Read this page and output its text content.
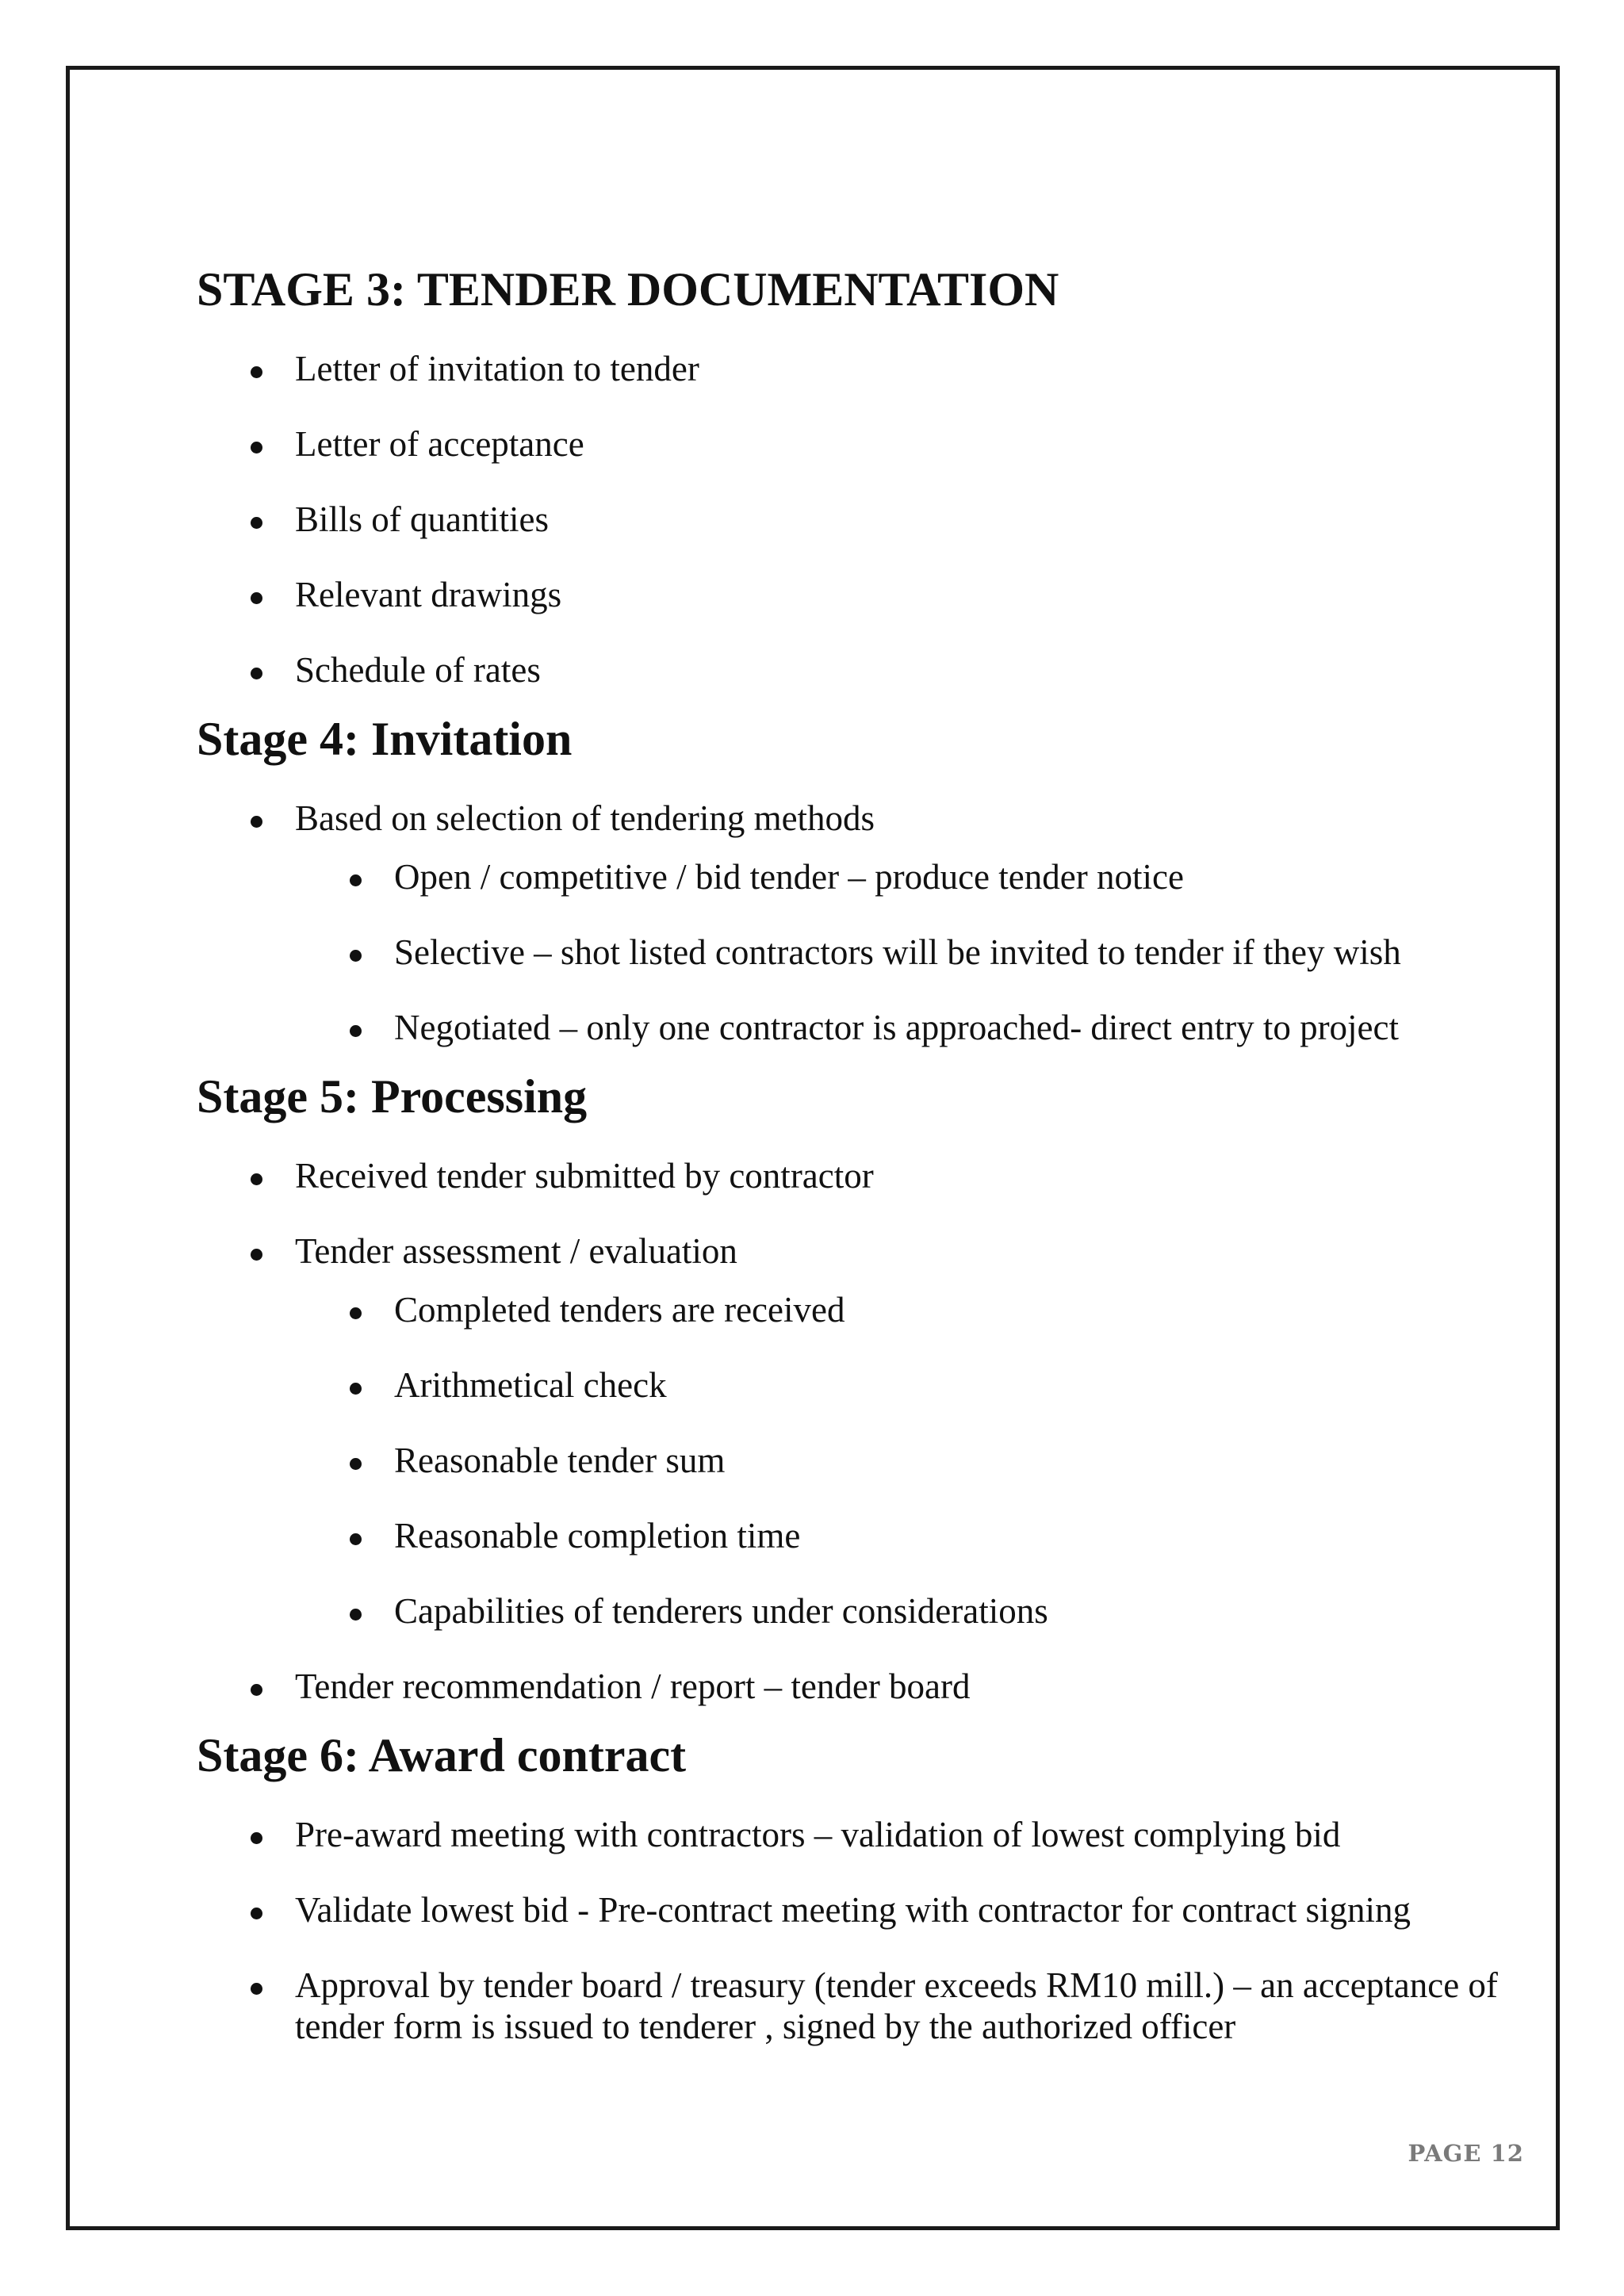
STAGE 3: TENDER DOCUMENTATION
Letter of invitation to tender
Letter of acceptance
Bills of quantities
Relevant drawings
Schedule of rates
Stage 4: Invitation
Based on selection of tendering methods
Open / competitive / bid tender – produce tender notice
Selective – shot listed contractors will be invited to tender if they wish
Negotiated – only one contractor is approached- direct entry to project
Stage 5: Processing
Received tender submitted by contractor
Tender assessment / evaluation
Completed tenders are received
Arithmetical check
Reasonable tender sum
Reasonable completion time
Capabilities of tenderers under considerations
Tender recommendation / report – tender board
Stage 6: Award contract
Pre-award meeting with contractors – validation of lowest complying bid
Validate lowest bid - Pre-contract meeting with contractor for contract signing
Approval by tender board / treasury (tender exceeds RM10 mill.) – an acceptance of tender form is issued to tenderer , signed by the authorized officer
PAGE 12
